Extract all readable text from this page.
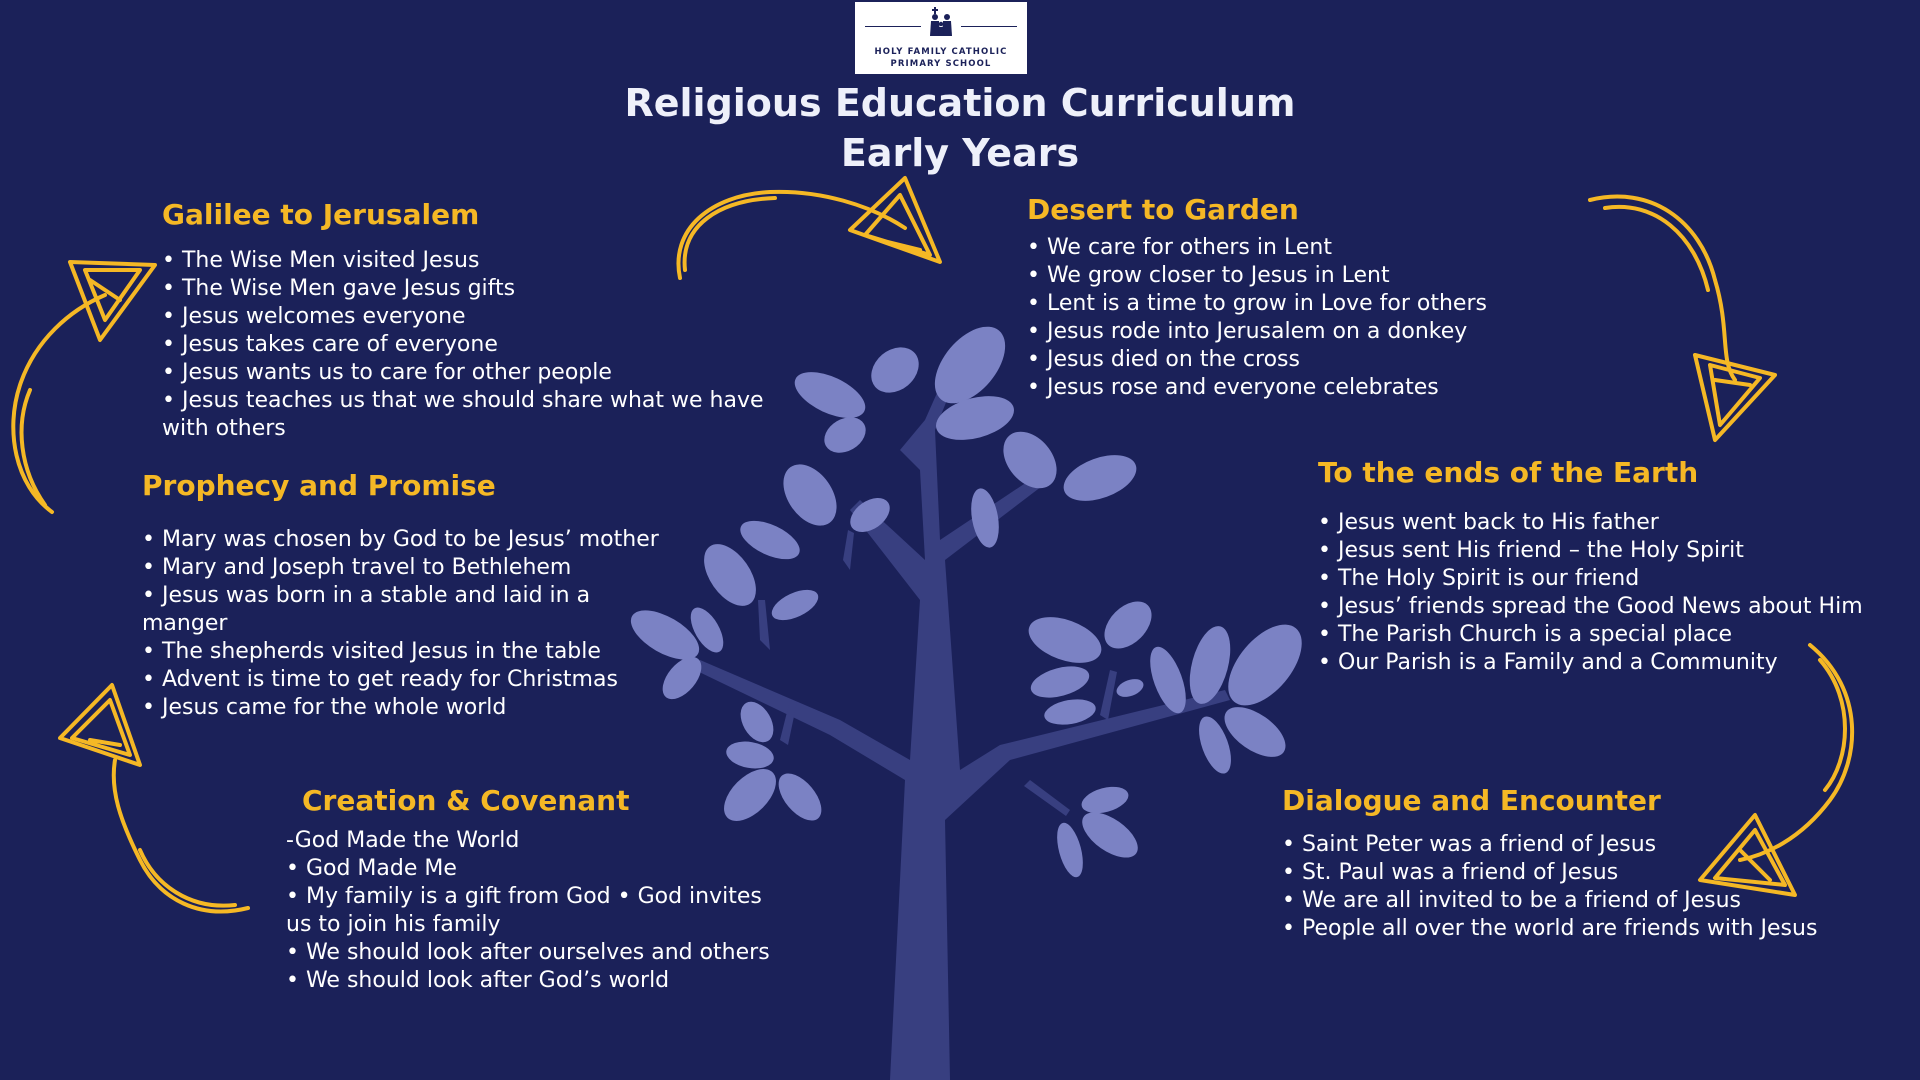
HOLY FAMILY CATHOLIC
PRIMARY SCHOOL
Religious Education Curriculum
Early Years
Galilee to Jerusalem
• The Wise Men visited Jesus
• The Wise Men gave Jesus gifts
• Jesus welcomes everyone
• Jesus takes care of everyone
• Jesus wants us to care for other people
• Jesus teaches us that we should share what we have
with others
Desert to Garden
• We care for others in Lent
• We grow closer to Jesus in Lent
• Lent is a time to grow in Love for others
• Jesus rode into Jerusalem on a donkey
• Jesus died on the cross
• Jesus rose and everyone celebrates
Prophecy and Promise
• Mary was chosen by God to be Jesus’ mother
• Mary and Joseph travel to Bethlehem
• Jesus was born in a stable and laid in a
manger
• The shepherds visited Jesus in the table
• Advent is time to get ready for Christmas
• Jesus came for the whole world
To the ends of the Earth
• Jesus went back to His father
• Jesus sent His friend – the Holy Spirit
• The Holy Spirit is our friend
• Jesus’ friends spread the Good News about Him
• The Parish Church is a special place
• Our Parish is a Family and a Community
Creation & Covenant
-God Made the World
• God Made Me
• My family is a gift from God • God invites
us to join his family
• We should look after ourselves and others
• We should look after God’s world
Dialogue and Encounter
• Saint Peter was a friend of Jesus
• St. Paul was a friend of Jesus
• We are all invited to be a friend of Jesus
• People all over the world are friends with Jesus
